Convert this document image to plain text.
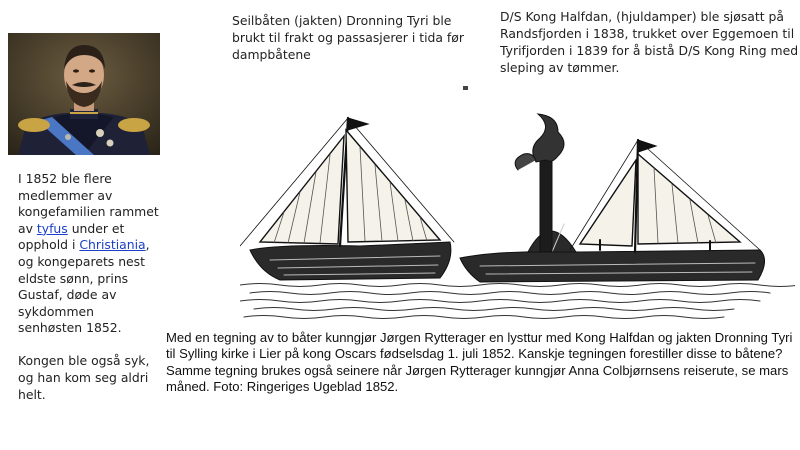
I 1852 ble flere medlemmer av kongefamilien rammet av tyfus under et opphold i Christiania, og kongeparets nest eldste sønn, prins Gustaf, døde av sykdommen senhøsten 1852.

Kongen ble også syk, og han kom seg aldri helt.

Seilbåten (jakten) Dronning Tyri ble brukt til frakt og passasjerer i tida før dampbåtene
D/S Kong Halfdan, (hjuldamper) ble sjøsatt på Randsfjorden i 1838, trukket over Eggemoen til Tyrifjorden i 1839 for å bistå D/S Kong Ring med sleping av tømmer.
Med en tegning av to båter kunngjør Jørgen Rytterager en lysttur med Kong Halfdan og jakten Dronning Tyri til Sylling kirke i Lier på kong Oscars fødselsdag 1. juli 1852. Kanskje tegningen forestiller disse to båtene? Samme tegning brukes også seinere når Jørgen Rytterager kunngjør Anna Colbjørnsens reiserute, se mars måned. Foto: Ringeriges Ugeblad 1852.
